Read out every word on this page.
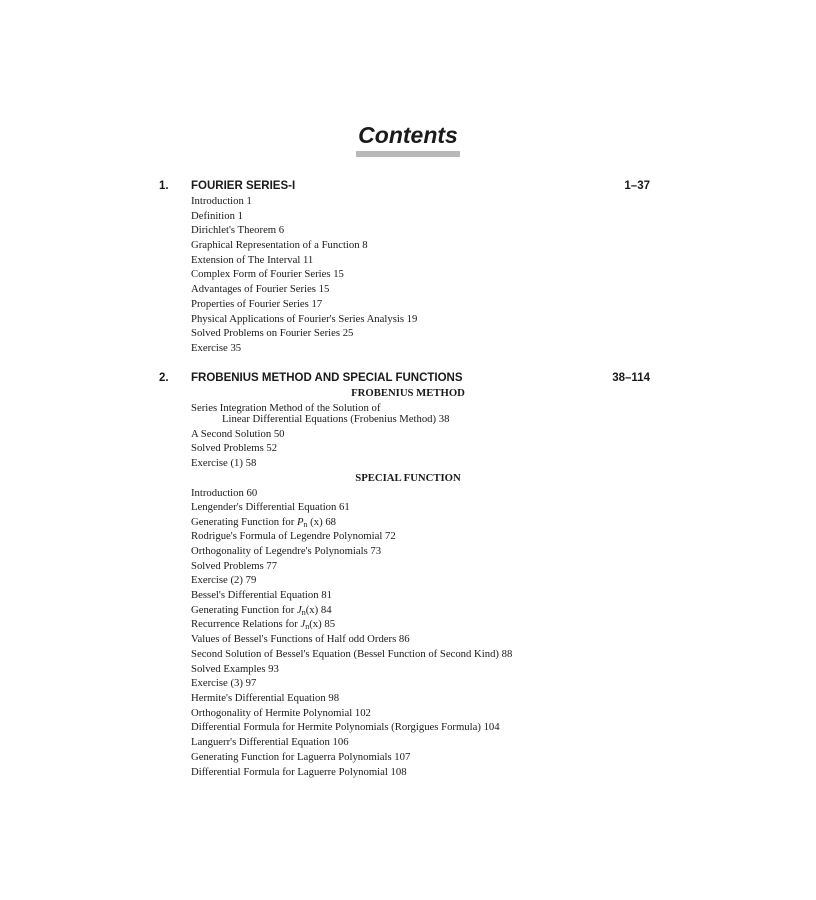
Contents
1. FOURIER SERIES-I	1–37
Introduction 1
Definition 1
Dirichlet's Theorem 6
Graphical Representation of a Function 8
Extension of The Interval 11
Complex Form of Fourier Series 15
Advantages of Fourier Series 15
Properties of Fourier Series 17
Physical Applications of Fourier's Series Analysis 19
Solved Problems on Fourier Series 25
Exercise 35
2. FROBENIUS METHOD AND SPECIAL FUNCTIONS	38–114
FROBENIUS METHOD
Series Integration Method of the Solution of
Linear Differential Equations (Frobenius Method) 38
A Second Solution 50
Solved Problems 52
Exercise (1) 58
SPECIAL FUNCTION
Introduction 60
Lengender's Differential Equation 61
Generating Function for $P_n$ (x) 68
Rodrigue's Formula of Legendre Polynomial 72
Orthogonality of Legendre's Polynomials 73
Solved Problems 77
Exercise (2) 79
Bessel's Differential Equation 81
Generating Function for $J_n(x)$ 84
Recurrence Relations for $J_n(x)$ 85
Values of Bessel's Functions of Half odd Orders 86
Second Solution of Bessel's Equation (Bessel Function of Second Kind) 88
Solved Examples 93
Exercise (3) 97
Hermite's Differential Equation 98
Orthogonality of Hermite Polynomial 102
Differential Formula for Hermite Polynomials (Rorgigues Formula) 104
Languerr's Differential Equation 106
Generating Function for Laguerra Polynomials 107
Differential Formula for Laguerre Polynomial 108
